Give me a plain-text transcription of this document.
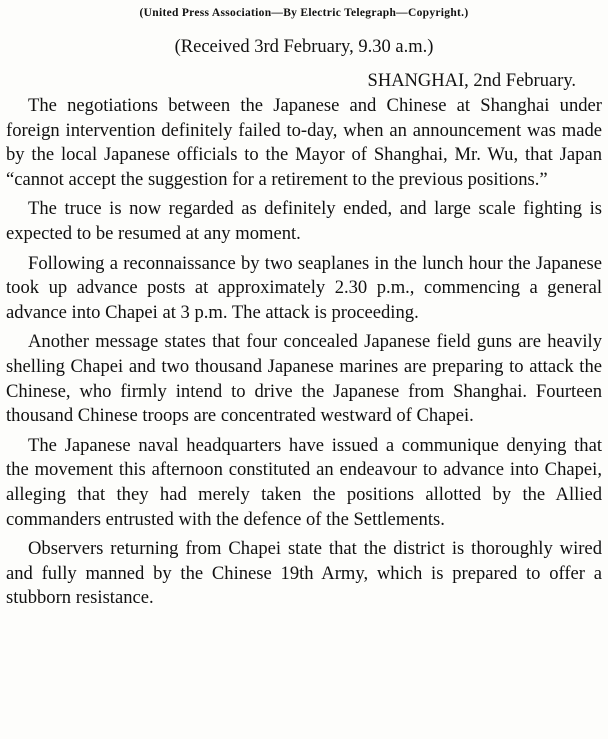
(United Press Association—By Electric Telegraph—Copyright.)

(Received 3rd February, 9.30 a.m.)

SHANGHAI, 2nd February.

The negotiations between the Japanese and Chinese at Shanghai under foreign intervention definitely failed to-day, when an announcement was made by the local Japanese officials to the Mayor of Shanghai, Mr. Wu, that Japan “cannot accept the suggestion for a retirement to the previous positions.”

The truce is now regarded as definitely ended, and large scale fighting is expected to be resumed at any moment.

Following a reconnaissance by two seaplanes in the lunch hour the Japanese took up advance posts at approximately 2.30 p.m., commencing a general advance into Chapei at 3 p.m. The attack is proceeding.

Another message states that four concealed Japanese field guns are heavily shelling Chapei and two thousand Japanese marines are preparing to attack the Chinese, who firmly intend to drive the Japanese from Shanghai. Fourteen thousand Chinese troops are concentrated westward of Chapei.

The Japanese naval headquarters have issued a communique denying that the movement this afternoon constituted an endeavour to advance into Chapei, alleging that they had merely taken the positions allotted by the Allied commanders entrusted with the defence of the Settlements.

Observers returning from Chapei state that the district is thoroughly wired and fully manned by the Chinese 19th Army, which is prepared to offer a stubborn resistance.
